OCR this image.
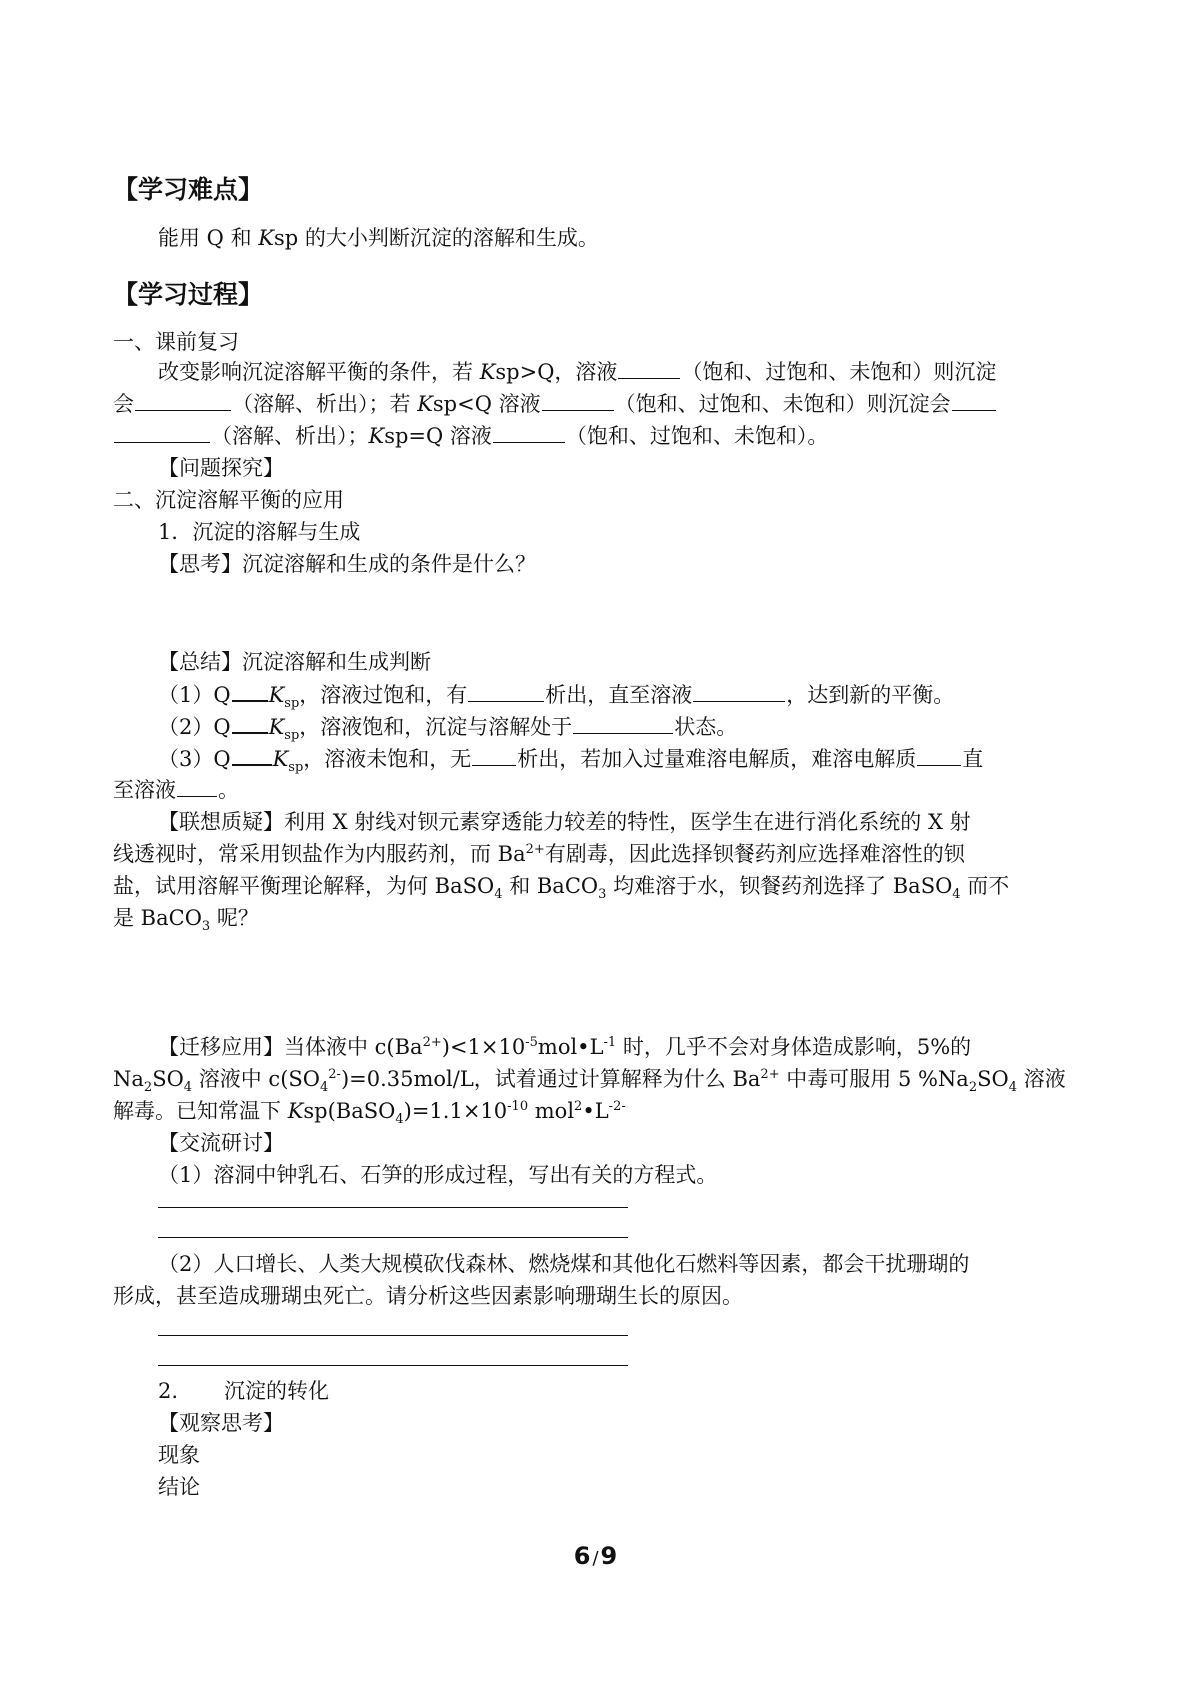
【学习难点】
能用 Q 和 Ksp 的大小判断沉淀的溶解和生成。
【学习过程】
一、课前复习
改变影响沉淀溶解平衡的条件，若 Ksp>Q，溶液	（饱和、过饱和、未饱和）则沉淀
会	（溶解、析出）；若 Ksp<Q 溶液	（饱和、过饱和、未饱和）则沉淀会
（溶解、析出）；Ksp=Q 溶液	（饱和、过饱和、未饱和）。
【问题探究】
二、沉淀溶解平衡的应用
1．沉淀的溶解与生成
【思考】沉淀溶解和生成的条件是什么？
【总结】沉淀溶解和生成判断
（1）Q $K_{sp}$，溶液过饱和，有	析出，直至溶液	，达到新的平衡。
（2）Q $K_{sp}$，溶液饱和，沉淀与溶解处于	状态。
（3）Q $K_{sp}$，溶液未饱和，无 析出，若加入过量难溶电解质，难溶电解质 直
至溶液 。
【联想质疑】利用 X 射线对钡元素穿透能力较差的特性，医学生在进行消化系统的 X 射
线透视时，常采用钡盐作为内服药剂，而 $Ba^{2+}$有剧毒，因此选择钡餐药剂应选择难溶性的钡
盐，试用溶解平衡理论解释，为何 BaSO$_4$ 和 BaCO$_3$ 均难溶于水，钡餐药剂选择了 BaSO$_4$ 而不
是 BaCO$_3$ 呢？
【迁移应用】当体液中 $c(Ba^{2+})<1\times 10^{-5}mol•L^{-1}$ 时，几乎不会对身体造成影响，5%的
$Na_2SO_4$ 溶液中 $c(SO_4^{2-})=0.35mol/L$，试着通过计算解释为什么 $Ba^{2+}$ 中毒可服用 5 $\%Na_2SO_4$ 溶液
解毒。已知常温下 $Ksp(BaSO_4)=1.1\times 10^{-10}$ $mol^2•L^{-2-}$
【交流研讨】
（1）溶洞中钟乳石、石笋的形成过程，写出有关的方程式。
（2）人口增长、人类大规模砍伐森林、燃烧煤和其他化石燃料等因素，都会干扰珊瑚的
形成，甚至造成珊瑚虫死亡。请分析这些因素影响珊瑚生长的原因。
2. 沉淀的转化
【观察思考】
现象
结论
6 /9
